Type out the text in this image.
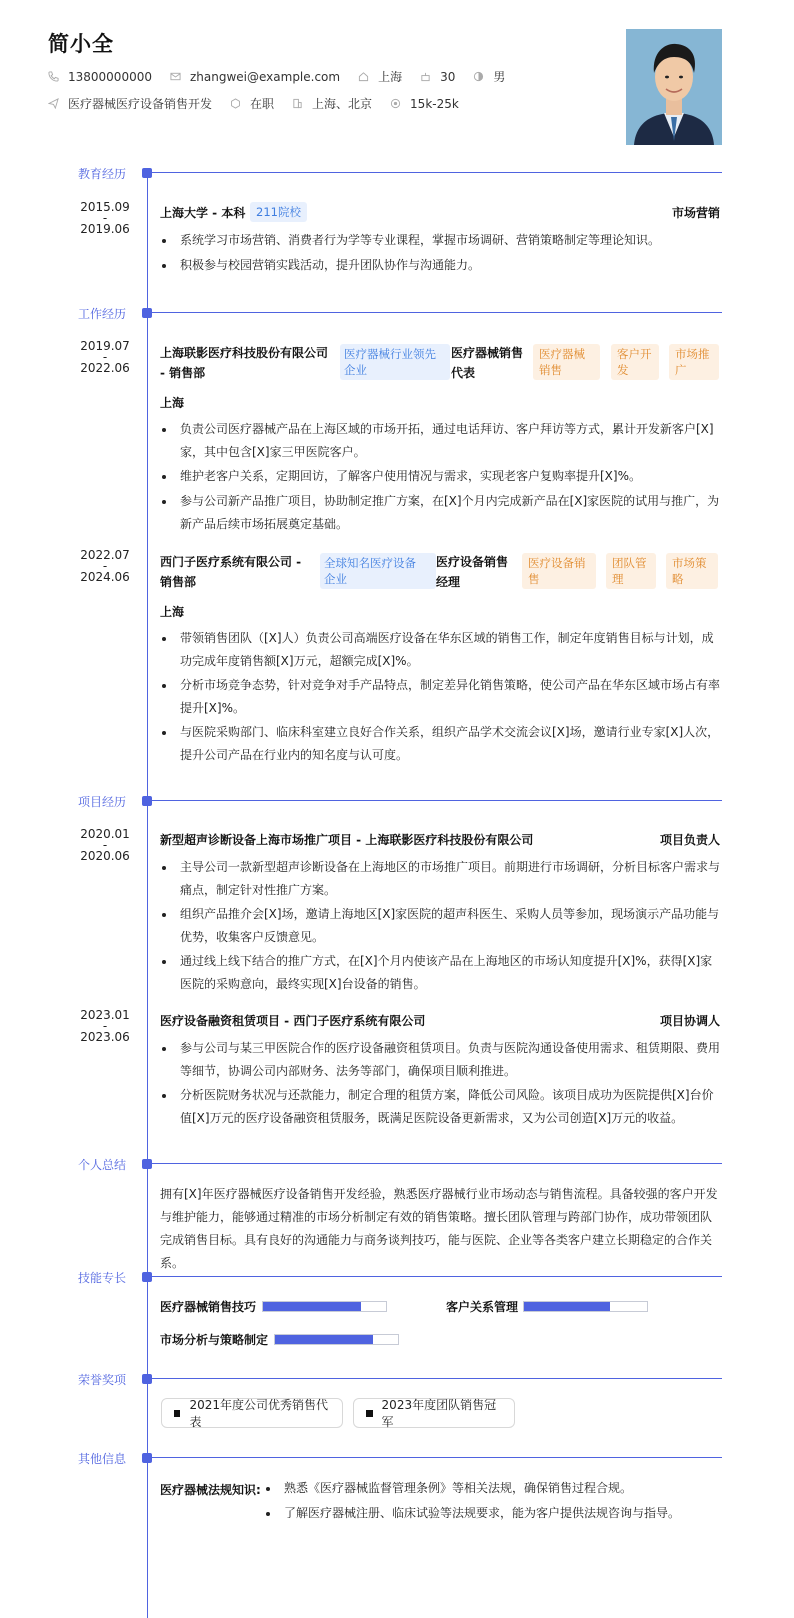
简小全
13800000000	zhangwei@example.com	上海	30	男
医疗器械医疗设备销售开发	在职	上海、北京	15k-25k
教育经历
2015.09
-
2019.06
上海大学 - 本科 211院校	市场营销
系统学习市场营销、消费者行为学等专业课程，掌握市场调研、营销策略制定等理论知识。
积极参与校园营销实践活动，提升团队协作与沟通能力。
工作经历
2019.07
-
2022.06
上海联影医疗科技股份有限公司
- 销售部
医疗器械行业领先
企业
医疗器械销售
代表
医疗器械
销售
客户开
发
市场推
广
上海
负责公司医疗器械产品在上海区域的市场开拓，通过电话拜访、客户拜访等方式，累计开发新客户[X]家，其中包含[X]家三甲医院客户。
维护老客户关系，定期回访，了解客户使用情况与需求，实现老客户复购率提升[X]%。
参与公司新产品推广项目，协助制定推广方案，在[X]个月内完成新产品在[X]家医院的试用与推广，为新产品后续市场拓展奠定基础。
2022.07
-
2024.06
西门子医疗系统有限公司 -
销售部
全球知名医疗设备
企业
医疗设备销售
经理
医疗设备销
售
团队管
理
市场策
略
上海
带领销售团队（[X]人）负责公司高端医疗设备在华东区域的销售工作，制定年度销售目标与计划，成功完成年度销售额[X]万元，超额完成[X]%。
分析市场竞争态势，针对竞争对手产品特点，制定差异化销售策略，使公司产品在华东区域市场占有率提升[X]%。
与医院采购部门、临床科室建立良好合作关系，组织产品学术交流会议[X]场，邀请行业专家[X]人次，提升公司产品在行业内的知名度与认可度。
项目经历
2020.01
-
2020.06
新型超声诊断设备上海市场推广项目 - 上海联影医疗科技股份有限公司	项目负责人
主导公司一款新型超声诊断设备在上海地区的市场推广项目。前期进行市场调研，分析目标客户需求与痛点，制定针对性推广方案。
组织产品推介会[X]场，邀请上海地区[X]家医院的超声科医生、采购人员等参加，现场演示产品功能与优势，收集客户反馈意见。
通过线上线下结合的推广方式，在[X]个月内使该产品在上海地区的市场认知度提升[X]%，获得[X]家医院的采购意向，最终实现[X]台设备的销售。
2023.01
-
2023.06
医疗设备融资租赁项目 - 西门子医疗系统有限公司	项目协调人
参与公司与某三甲医院合作的医疗设备融资租赁项目。负责与医院沟通设备使用需求、租赁期限、费用等细节，协调公司内部财务、法务等部门，确保项目顺利推进。
分析医院财务状况与还款能力，制定合理的租赁方案，降低公司风险。该项目成功为医院提供[X]台价值[X]万元的医疗设备融资租赁服务，既满足医院设备更新需求，又为公司创造[X]万元的收益。
个人总结
拥有[X]年医疗器械医疗设备销售开发经验，熟悉医疗器械行业市场动态与销售流程。具备较强的客户开发与维护能力，能够通过精准的市场分析制定有效的销售策略。擅长团队管理与跨部门协作，成功带领团队完成销售目标。具有良好的沟通能力与商务谈判技巧，能与医院、企业等各类客户建立长期稳定的合作关系。
技能专长
医疗器械销售技巧	客户关系管理
市场分析与策略制定
荣誉奖项
2021年度公司优秀销售代表
2023年度团队销售冠军
其他信息
医疗器械法规知识: 熟悉《医疗器械监督管理条例》等相关法规，确保销售过程合规。
了解医疗器械注册、临床试验等法规要求，能为客户提供法规咨询与指导。
